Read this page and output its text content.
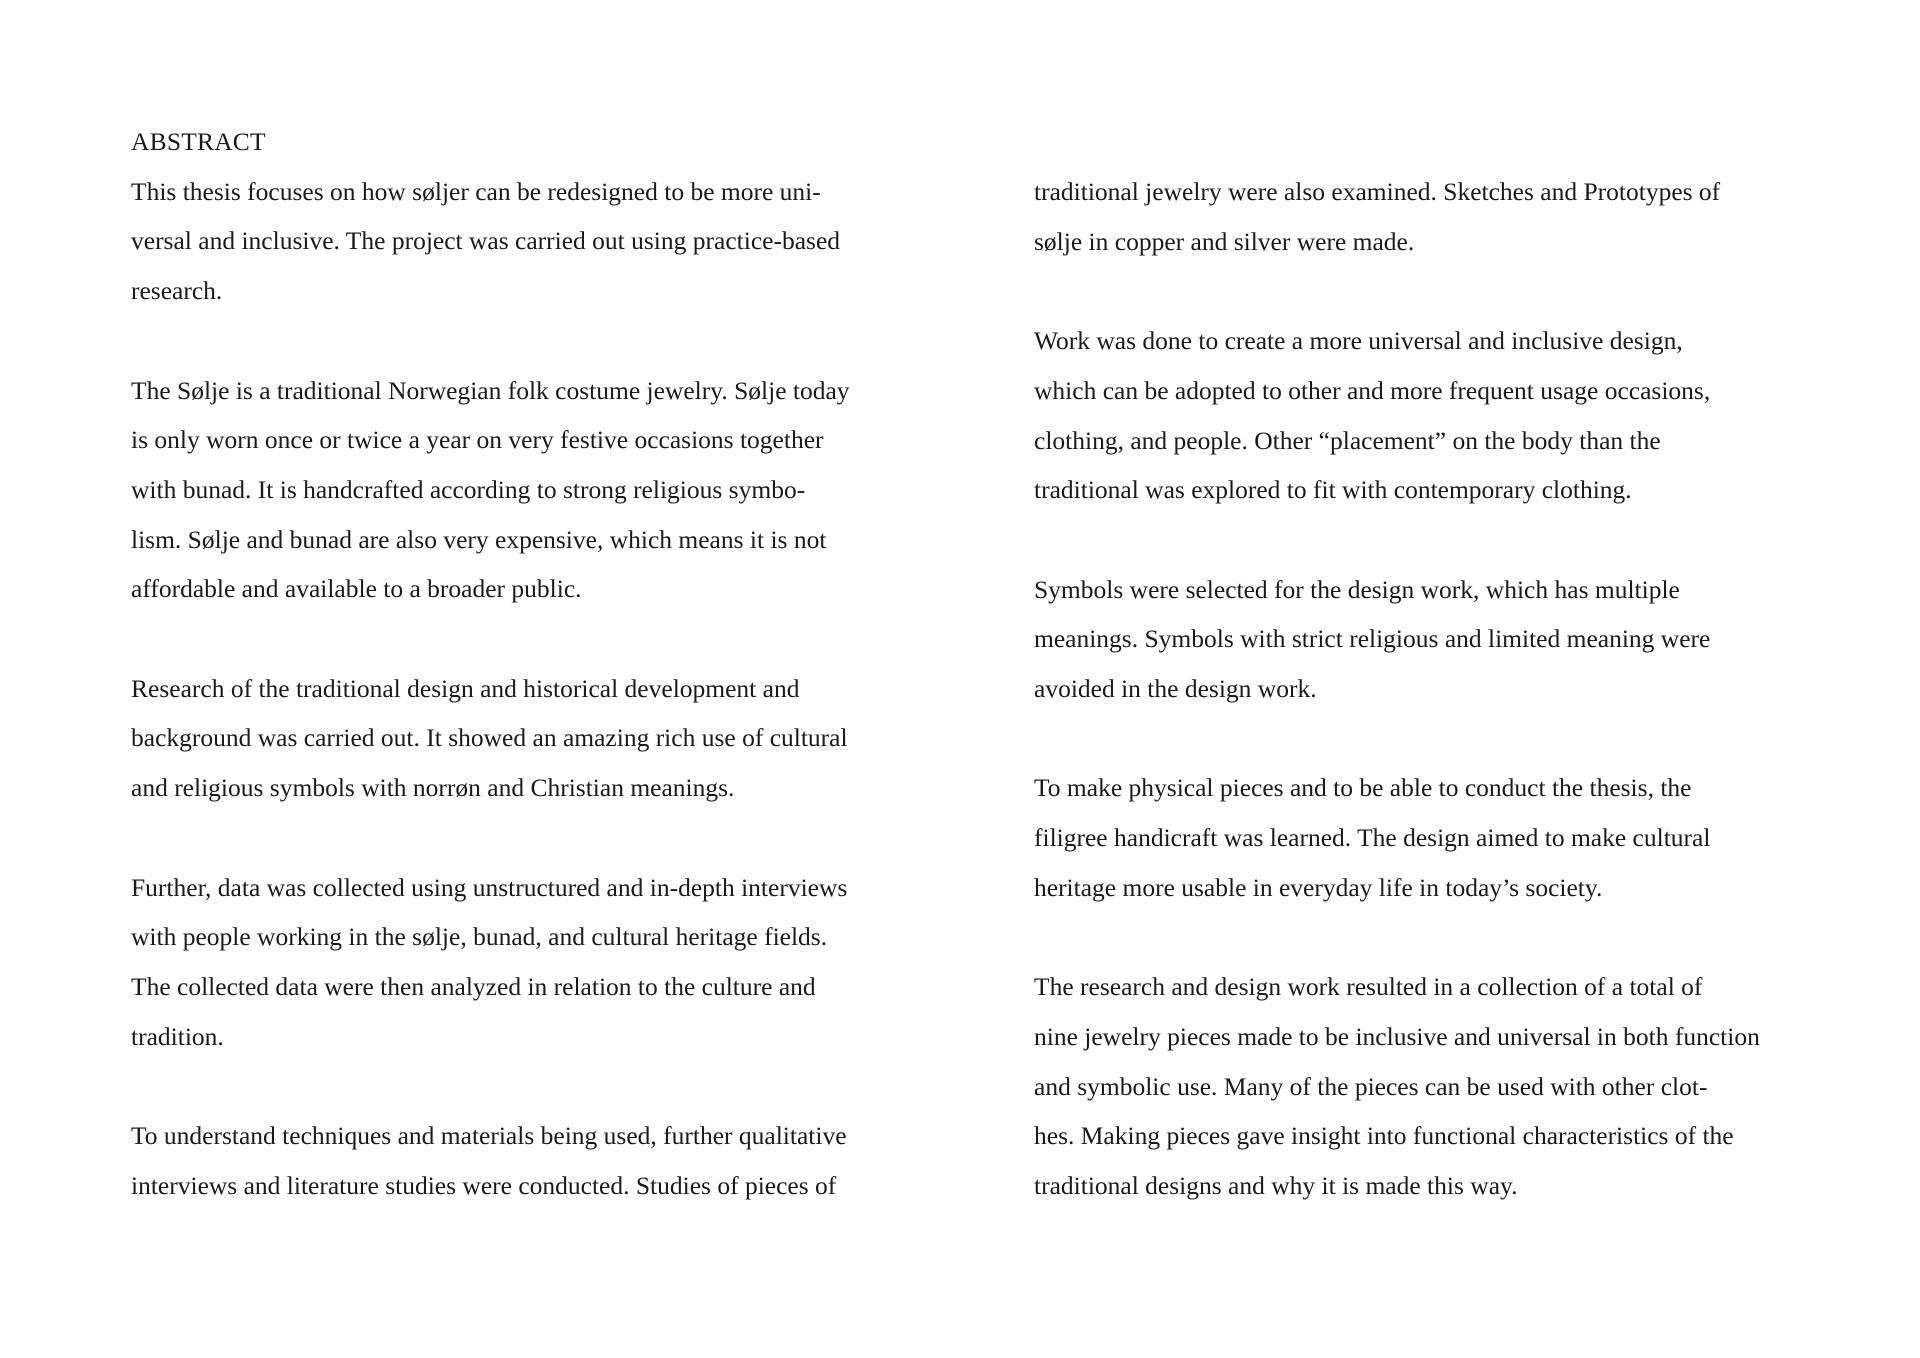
ABSTRACT
This thesis focuses on how søljer can be redesigned to be more uni-
versal and inclusive. The project was carried out using practice-based
research.
The Sølje is a traditional Norwegian folk costume jewelry. Sølje today
is only worn once or twice a year on very festive occasions together
with bunad. It is handcrafted according to strong religious symbo-
lism. Sølje and bunad are also very expensive, which means it is not
affordable and available to a broader public.
Research of the traditional design and historical development and
background was carried out. It showed an amazing rich use of cultural
and religious symbols with norrøn and Christian meanings.
Further, data was collected using unstructured and in-depth interviews
with people working in the sølje, bunad, and cultural heritage fields.
The collected data were then analyzed in relation to the culture and
tradition.
To understand techniques and materials being used, further qualitative
interviews and literature studies were conducted. Studies of pieces of
traditional jewelry were also examined. Sketches and Prototypes of
sølje in copper and silver were made.
Work was done to create a more universal and inclusive design,
which can be adopted to other and more frequent usage occasions,
clothing, and people. Other “placement” on the body than the
traditional was explored to fit with contemporary clothing.
Symbols were selected for the design work, which has multiple
meanings. Symbols with strict religious and limited meaning were
avoided in the design work.
To make physical pieces and to be able to conduct the thesis, the
filigree handicraft was learned. The design aimed to make cultural
heritage more usable in everyday life in today’s society.
The research and design work resulted in a collection of a total of
nine jewelry pieces made to be inclusive and universal in both function
and symbolic use. Many of the pieces can be used with other clot-
hes. Making pieces gave insight into functional characteristics of the
traditional designs and why it is made this way.
